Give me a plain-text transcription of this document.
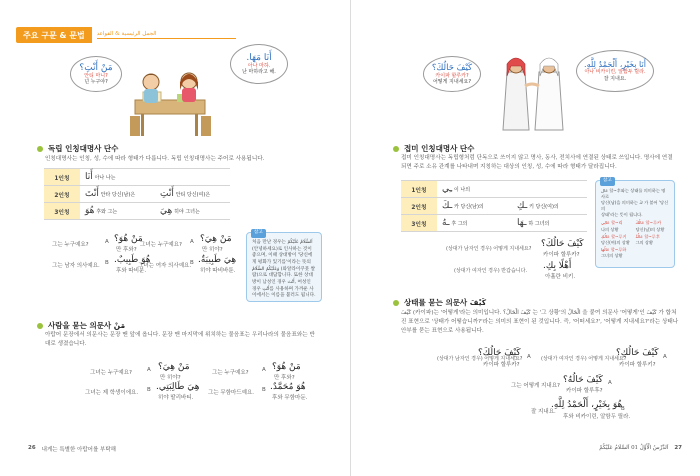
주요 구문 & 문법	الجمل الرئيسية & القواعد
مَنْ أَنْتِ؟
안티 마니?
넌 누구야?
أَنَا مَهَا.
아나 마하.
난 마하라고 해.
독립 인칭대명사 단수
인칭대명사는 인칭, 성, 수에 따라 형태가 다릅니다. 독립 인칭대명사는 주어로 사용됩니다.
1인칭	أَنَا 아나 나는	
2인칭	أَنْتَ 안타 당신(남)은	أَنْتِ 안티 당신(여)은
3인칭	هُوَ 후와 그는	هِيَ 히야 그녀는
그는 누구예요?	A مَنْ هُوَ؟
만 후와?
그는 남자 의사예요. B هُوَ طَبِيبٌ.
후와 따비분.
그녀는 누구예요? A مَنْ هِيَ؟
만 히야?
그녀는 여자 의사예요.
B هِيَ طَبِيبَةٌ.
히야 따비바툰.
참고
처음 만난 경우는 اَلسَّلَامُ عَلَيْكُمْ (안녕하세요)로 인사하는 것이 좋으며, 이때 상대방이 '당신에게 평화가 있기를'이라는 뜻의 وَعَلَيْكُمُ السَّلَامُ (와알라이쿠뭇 쌀람)으로 대답합니다. 또한 상대방이 남성인 경우 أَنْتَ, 여성인 경우 أَنْتِ를 사용하며 가까운 사이에서는 이름을 불러도 됩니다.
사람을 묻는 의문사 مَنْ
아랍어 문장에서 의문사는 문장 맨 앞에 옵니다. 문장 맨 마지막에 위치하는 물음표는 우리나라의 물음표와는 반대로 생겼습니다.
그녀는 누구예요?	A مَنْ هِيَ؟
만 히야?
그녀는 제 학생이에요. B هِيَ طَالِبَتِي.
히야 딸리바티.
그는 누구예요? A مَنْ هُوَ؟
만 후와?
그는 무함마드예요. B هُوَ مُحَمَّدٌ.
후와 무함마둔.
26 내게는 특별한 아랍어를 부탁해
كَيْفَ حَالُكَ؟
카이파 할루카?
어떻게 지내세요?
أَنَا بِخَيْرٍ، أَلْحَمْدُ لِلَّهِ.
아나 비카이린, 알함두 릴라.
잘 지내요.
접미 인칭대명사 단수
접미 인칭대명사는 독립형처럼 단독으로 쓰이지 않고 명사, 동사, 전치사에 연결된 상태로 쓰입니다. 명사에 연결되면 주로 소유 관계를 나타내며 지칭하는 대상의 인칭, 성, 수에 따라 형태가 달라집니다.
1인칭	ـِي 이 나의	
2인칭	ـكَ 카 당신(남)의	ـكِ 키 당신(여)의
3인칭	ـهُ 후 그의	ـهَا 하 그녀의
참고
حَال 할~후와는 상태를 의미하는 명사로
당신(남)을 의미하는 كَ 가 붙어 '당신의
상태'라는 뜻이 됩니다.
حَالِي 할~리
나의 상황
حَالُكَ 할~루카
당신(남)의 상황
حَالُكِ 할~루키
당신(여)의 상황
حَالُهُ 할~루후
그의 상황
حَالُهَا 할~루하
그녀의 상황
(상대가 남자인 경우) 어떻게 지내세요? كَيْفَ حَالُكَ؟
카이파 할루카?
(상대가 여자인 경우) 반갑습니다. أَهْلًا بِكِ.
아흘란 비키.
상태를 묻는 의문사 كَيْفَ
كَيْفَ (카이파)는 '어떻게'라는 의미입니다. كَيْفَ الْحَالُ؟ 는 '그 상황'의 الْحَالُ 을 붙여 의문사 '어떻게'인 كَيْفَ 가 합쳐진 표현으로 '상태가 어떻습니까?'라는 의미의 표현이 된 것입니다. 즉, '어떠세요?', '어떻게 지내세요?'라는 상태나 안부를 묻는 표현으로 사용됩니다.
(상대가 남자인 경우) 어떻게 지내세요? A
كَيْفَ حَالُكَ؟
카이파 할루카?
(상대가 여자인 경우) 어떻게 지내세요?	A
كَيْفَ حَالُكِ؟
카이파 할루키?
그는 어떻게 지내요?	A
كَيْفَ حَالُهُ؟
카이파 할루후?
잘 지내요.	B
هُوَ بِخَيْرٍ، أَلْحَمْدُ لِلَّهِ.
후와 비카이린, 알함두 릴라.
اَلدَّرْسُ الْأَوَّلُ 01 اَلسَّلَامُ عَلَيْكُمْ 27
